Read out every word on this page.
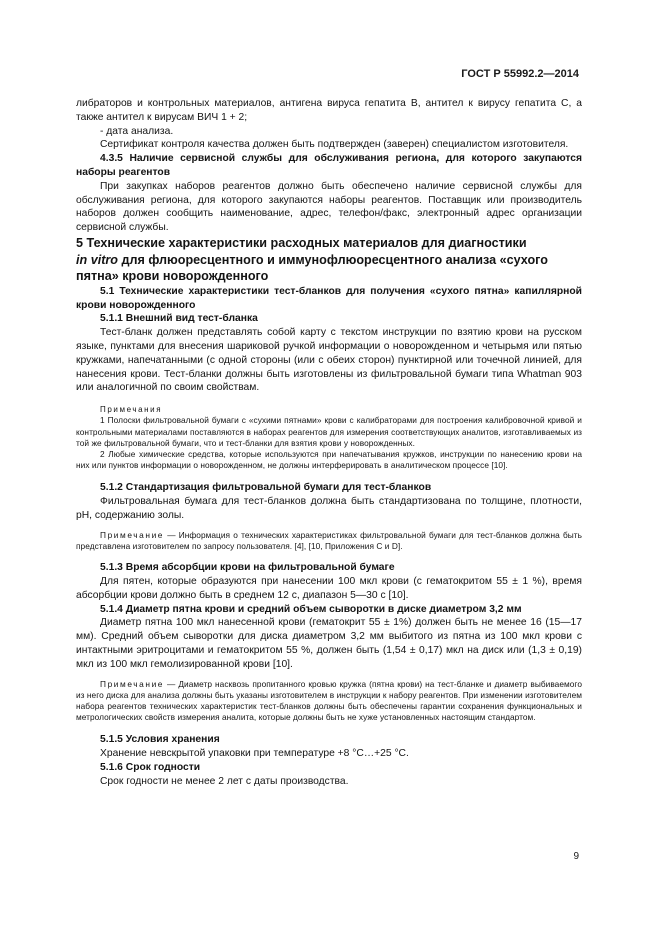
ГОСТ Р 55992.2—2014

либраторов и контрольных материалов, антигена вируса гепатита В, антител к вирусу гепатита С, а также антител к вирусам ВИЧ 1 + 2;

- дата анализа.

Сертификат контроля качества должен быть подтвержден (заверен) специалистом изготовителя.

4.3.5 Наличие сервисной службы для обслуживания региона, для которого закупаются наборы реагентов

При закупках наборов реагентов должно быть обеспечено наличие сервисной службы для обслуживания региона, для которого закупаются наборы реагентов. Поставщик или производитель наборов должен сообщить наименование, адрес, телефон/факс, электронный адрес организации сервисной службы.

5 Технические характеристики расходных материалов для диагностики
in vitro для флюоресцентного и иммунофлюоресцентного анализа «сухого пятна» крови новорожденного

5.1 Технические характеристики тест-бланков для получения «сухого пятна» капиллярной крови новорожденного

5.1.1 Внешний вид тест-бланка

Тест-бланк должен представлять собой карту с текстом инструкции по взятию крови на русском языке, пунктами для внесения шариковой ручкой информации о новорожденном и четырьмя или пятью кружками, напечатанными (с одной стороны (или с обеих сторон) пунктирной или точечной линией, для нанесения крови. Тест-бланки должны быть изготовлены из фильтровальной бумаги типа Whatman 903 или аналогичной по своим свойствам.

Примечания

1 Полоски фильтровальной бумаги с «сухими пятнами» крови с калибраторами для построения калибровочной кривой и контрольными материалами поставляются в наборах реагентов для измерения соответствующих аналитов, изготавливаемых из той же фильтровальной бумаги, что и тест-бланки для взятия крови у новорожденных.

2 Любые химические средства, которые используются при напечатывания кружков, инструкции по нанесению крови на них или пунктов информации о новорожденном, не должны интерферировать в аналитическом процессе [10].

5.1.2 Стандартизация фильтровальной бумаги для тест-бланков

Фильтровальная бумага для тест-бланков должна быть стандартизована по толщине, плотности, pH, содержанию золы.

Примечание — Информация о технических характеристиках фильтровальной бумаги для тест-бланков должна быть представлена изготовителем по запросу пользователя. [4], [10, Приложения C и D].

5.1.3 Время абсорбции крови на фильтровальной бумаге

Для пятен, которые образуются при нанесении 100 мкл крови (с гематокритом 55 ± 1 %), время абсорбции крови должно быть в среднем 12 с, диапазон 5—30 с [10].

5.1.4 Диаметр пятна крови и средний объем сыворотки в диске диаметром 3,2 мм

Диаметр пятна 100 мкл нанесенной крови (гематокрит 55 ± 1%) должен быть не менее 16 (15—17 мм). Средний объем сыворотки для диска диаметром 3,2 мм выбитого из пятна из 100 мкл крови с интактными эритроцитами и гематокритом 55 %, должен быть (1,54 ± 0,17) мкл на диск или (1,3 ± 0,19) мкл из 100 мкл гемолизированной крови [10].

Примечание — Диаметр насквозь пропитанного кровью кружка (пятна крови) на тест-бланке и диаметр выбиваемого из него диска для анализа должны быть указаны изготовителем в инструкции к набору реагентов. При изменении изготовителем набора реагентов технических характеристик тест-бланков должны быть обеспечены гарантии сохранения функциональных и метрологических свойств измерения аналита, которые должны быть не хуже установленных настоящим стандартом.

5.1.5 Условия хранения

Хранение невскрытой упаковки при температуре +8 °С…+25 °С.

5.1.6 Срок годности

Срок годности не менее 2 лет с даты производства.

9
